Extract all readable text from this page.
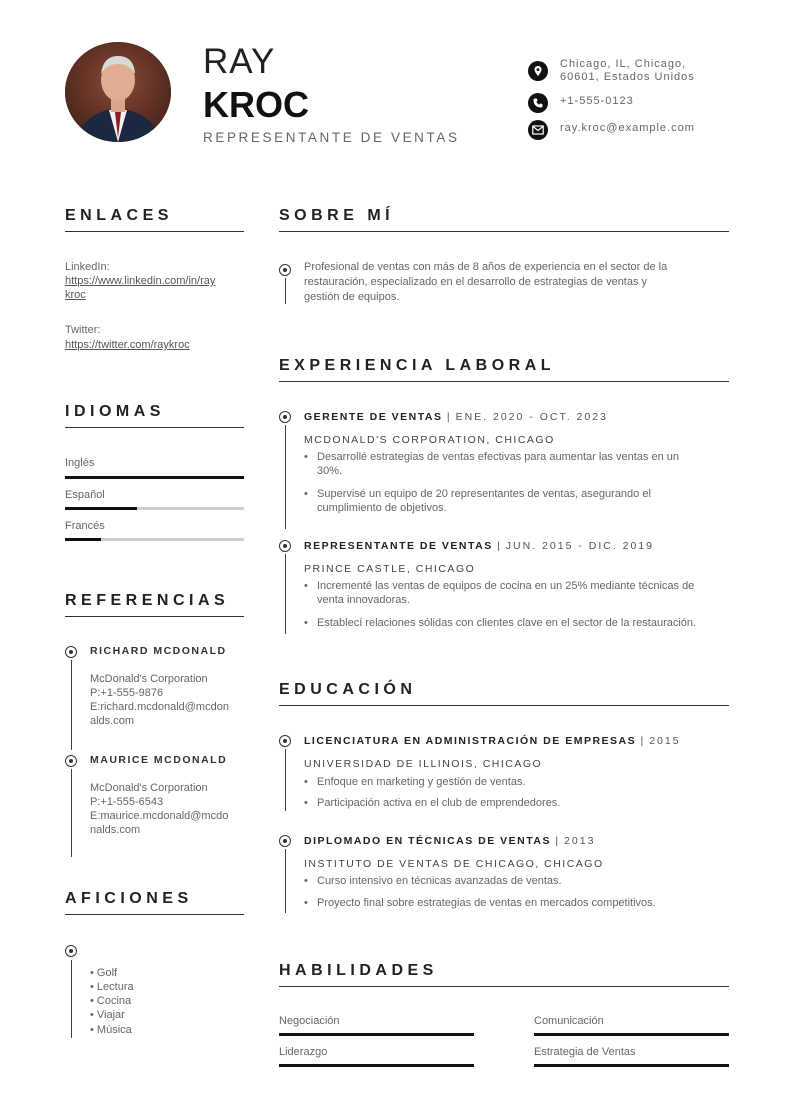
RAY
KROC
REPRESENTANTE DE VENTAS
Chicago, IL, Chicago,
60601, Estados Unidos
+1-555-0123
ray.kroc@example.com
ENLACES
LinkedIn:
https://www.linkedin.com/in/ray
kroc
Twitter:
https://twitter.com/raykroc
IDIOMAS
Inglés
Español
Francés
REFERENCIAS
RICHARD MCDONALD
McDonald's Corporation
P:+1-555-9876
E:richard.mcdonald@mcdon
alds.com
MAURICE MCDONALD
McDonald's Corporation
P:+1-555-6543
E:maurice.mcdonald@mcdo
nalds.com
AFICIONES
• Golf
• Lectura
• Cocina
• Viajar
• Música
SOBRE MÍ
Profesional de ventas con más de 8 años de experiencia en el sector de la
restauración, especializado en el desarrollo de estrategias de ventas y
gestión de equipos.
EXPERIENCIA LABORAL
GERENTE DE VENTAS | ENE. 2020 - OCT. 2023
MCDONALD'S CORPORATION, CHICAGO
• Desarrollé estrategias de ventas efectivas para aumentar las ventas en un
30%.
• Supervisé un equipo de 20 representantes de ventas, asegurando el
cumplimiento de objetivos.
REPRESENTANTE DE VENTAS | JUN. 2015 - DIC. 2019
PRINCE CASTLE, CHICAGO
• Incrementé las ventas de equipos de cocina en un 25% mediante técnicas de
venta innovadoras.
• Establecí relaciones sólidas con clientes clave en el sector de la restauración.
EDUCACIÓN
LICENCIATURA EN ADMINISTRACIÓN DE EMPRESAS | 2015
UNIVERSIDAD DE ILLINOIS, CHICAGO
• Enfoque en marketing y gestión de ventas.
• Participación activa en el club de emprendedores.
DIPLOMADO EN TÉCNICAS DE VENTAS | 2013
INSTITUTO DE VENTAS DE CHICAGO, CHICAGO
• Curso intensivo en técnicas avanzadas de ventas.
• Proyecto final sobre estrategias de ventas en mercados competitivos.
HABILIDADES
Negociación	Comunicación
Liderazgo	Estrategia de Ventas
